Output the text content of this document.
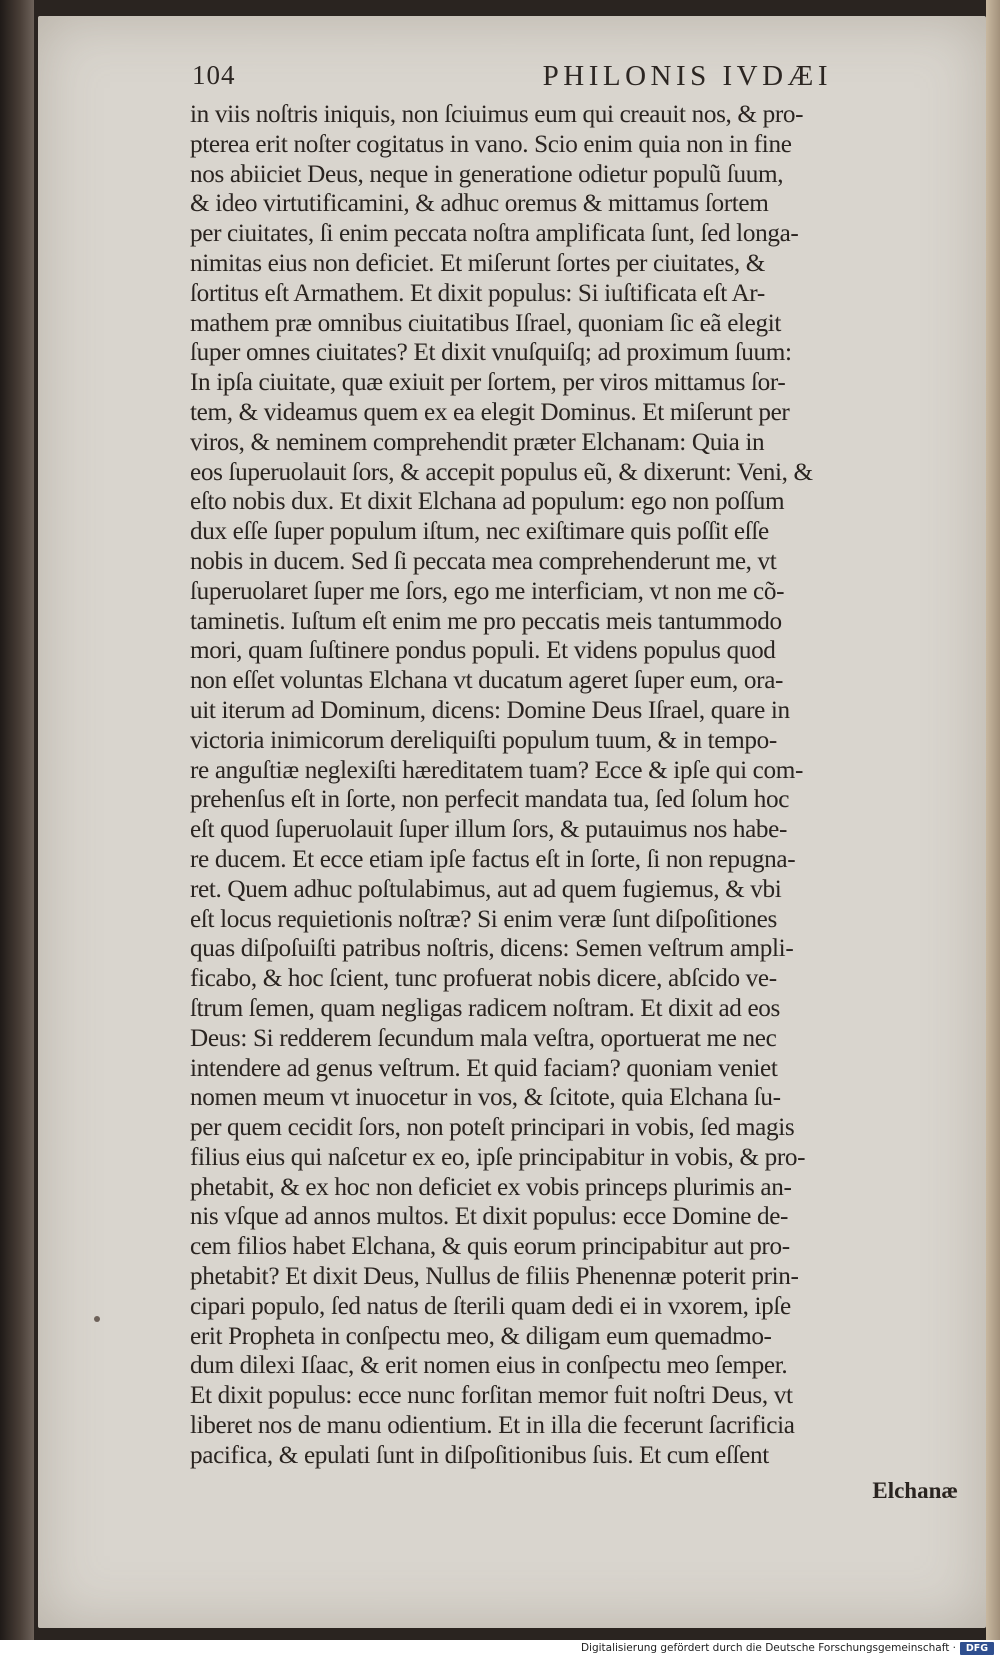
104	PHILONIS IVDÆI
in viis noſtris iniquis, non ſciuimus eum qui creauit nos, & pro-
pterea erit noſter cogitatus in vano. Scio enim quia non in fine
nos abiiciet Deus, neque in generatione odietur populũ ſuum,
& ideo virtutificamini, & adhuc oremus & mittamus ſortem
per ciuitates, ſi enim peccata noſtra amplificata ſunt, ſed longa-
nimitas eius non deficiet. Et miſerunt ſortes per ciuitates, &
ſortitus eſt Armathem. Et dixit populus: Si iuſtificata eſt Ar-
mathem præ omnibus ciuitatibus Iſrael, quoniam ſic eã elegit
ſuper omnes ciuitates? Et dixit vnuſquiſq; ad proximum ſuum:
In ipſa ciuitate, quæ exiuit per ſortem, per viros mittamus ſor-
tem, & videamus quem ex ea elegit Dominus. Et miſerunt per
viros, & neminem comprehendit præter Elchanam: Quia in
eos ſuperuolauit ſors, & accepit populus eũ, & dixerunt: Veni, &
eſto nobis dux. Et dixit Elchana ad populum: ego non poſſum
dux eſſe ſuper populum iſtum, nec exiſtimare quis poſſit eſſe
nobis in ducem. Sed ſi peccata mea comprehenderunt me, vt
ſuperuolaret ſuper me ſors, ego me interficiam, vt non me cõ-
taminetis. Iuſtum eſt enim me pro peccatis meis tantummodo
mori, quam ſuſtinere pondus populi. Et videns populus quod
non eſſet voluntas Elchana vt ducatum ageret ſuper eum, ora-
uit iterum ad Dominum, dicens: Domine Deus Iſrael, quare in
victoria inimicorum dereliquiſti populum tuum, & in tempo-
re anguſtiæ neglexiſti hæreditatem tuam? Ecce & ipſe qui com-
prehenſus eſt in ſorte, non perfecit mandata tua, ſed ſolum hoc
eſt quod ſuperuolauit ſuper illum ſors, & putauimus nos habe-
re ducem. Et ecce etiam ipſe factus eſt in ſorte, ſi non repugna-
ret. Quem adhuc poſtulabimus, aut ad quem fugiemus, & vbi
eſt locus requietionis noſtræ? Si enim veræ ſunt diſpoſitiones
quas diſpoſuiſti patribus noſtris, dicens: Semen veſtrum ampli-
ficabo, & hoc ſcient, tunc profuerat nobis dicere, abſcido ve-
ſtrum ſemen, quam negligas radicem noſtram. Et dixit ad eos
Deus: Si redderem ſecundum mala veſtra, oportuerat me nec
intendere ad genus veſtrum. Et quid faciam? quoniam veniet
nomen meum vt inuocetur in vos, & ſcitote, quia Elchana ſu-
per quem cecidit ſors, non poteſt principari in vobis, ſed magis
filius eius qui naſcetur ex eo, ipſe principabitur in vobis, & pro-
phetabit, & ex hoc non deficiet ex vobis princeps plurimis an-
nis vſque ad annos multos. Et dixit populus: ecce Domine de-
cem filios habet Elchana, & quis eorum principabitur aut pro-
phetabit? Et dixit Deus, Nullus de filiis Phenennæ poterit prin-
cipari populo, ſed natus de ſterili quam dedi ei in vxorem, ipſe
erit Propheta in conſpectu meo, & diligam eum quemadmo-
dum dilexi Iſaac, & erit nomen eius in conſpectu meo ſemper.
Et dixit populus: ecce nunc forſitan memor fuit noſtri Deus, vt
liberet nos de manu odientium. Et in illa die fecerunt ſacrificia
pacifica, & epulati ſunt in diſpoſitionibus ſuis. Et cum eſſent
Elchanæ
Digitalisierung gefördert durch die Deutsche Forschungsgemeinschaft ·	DFG
